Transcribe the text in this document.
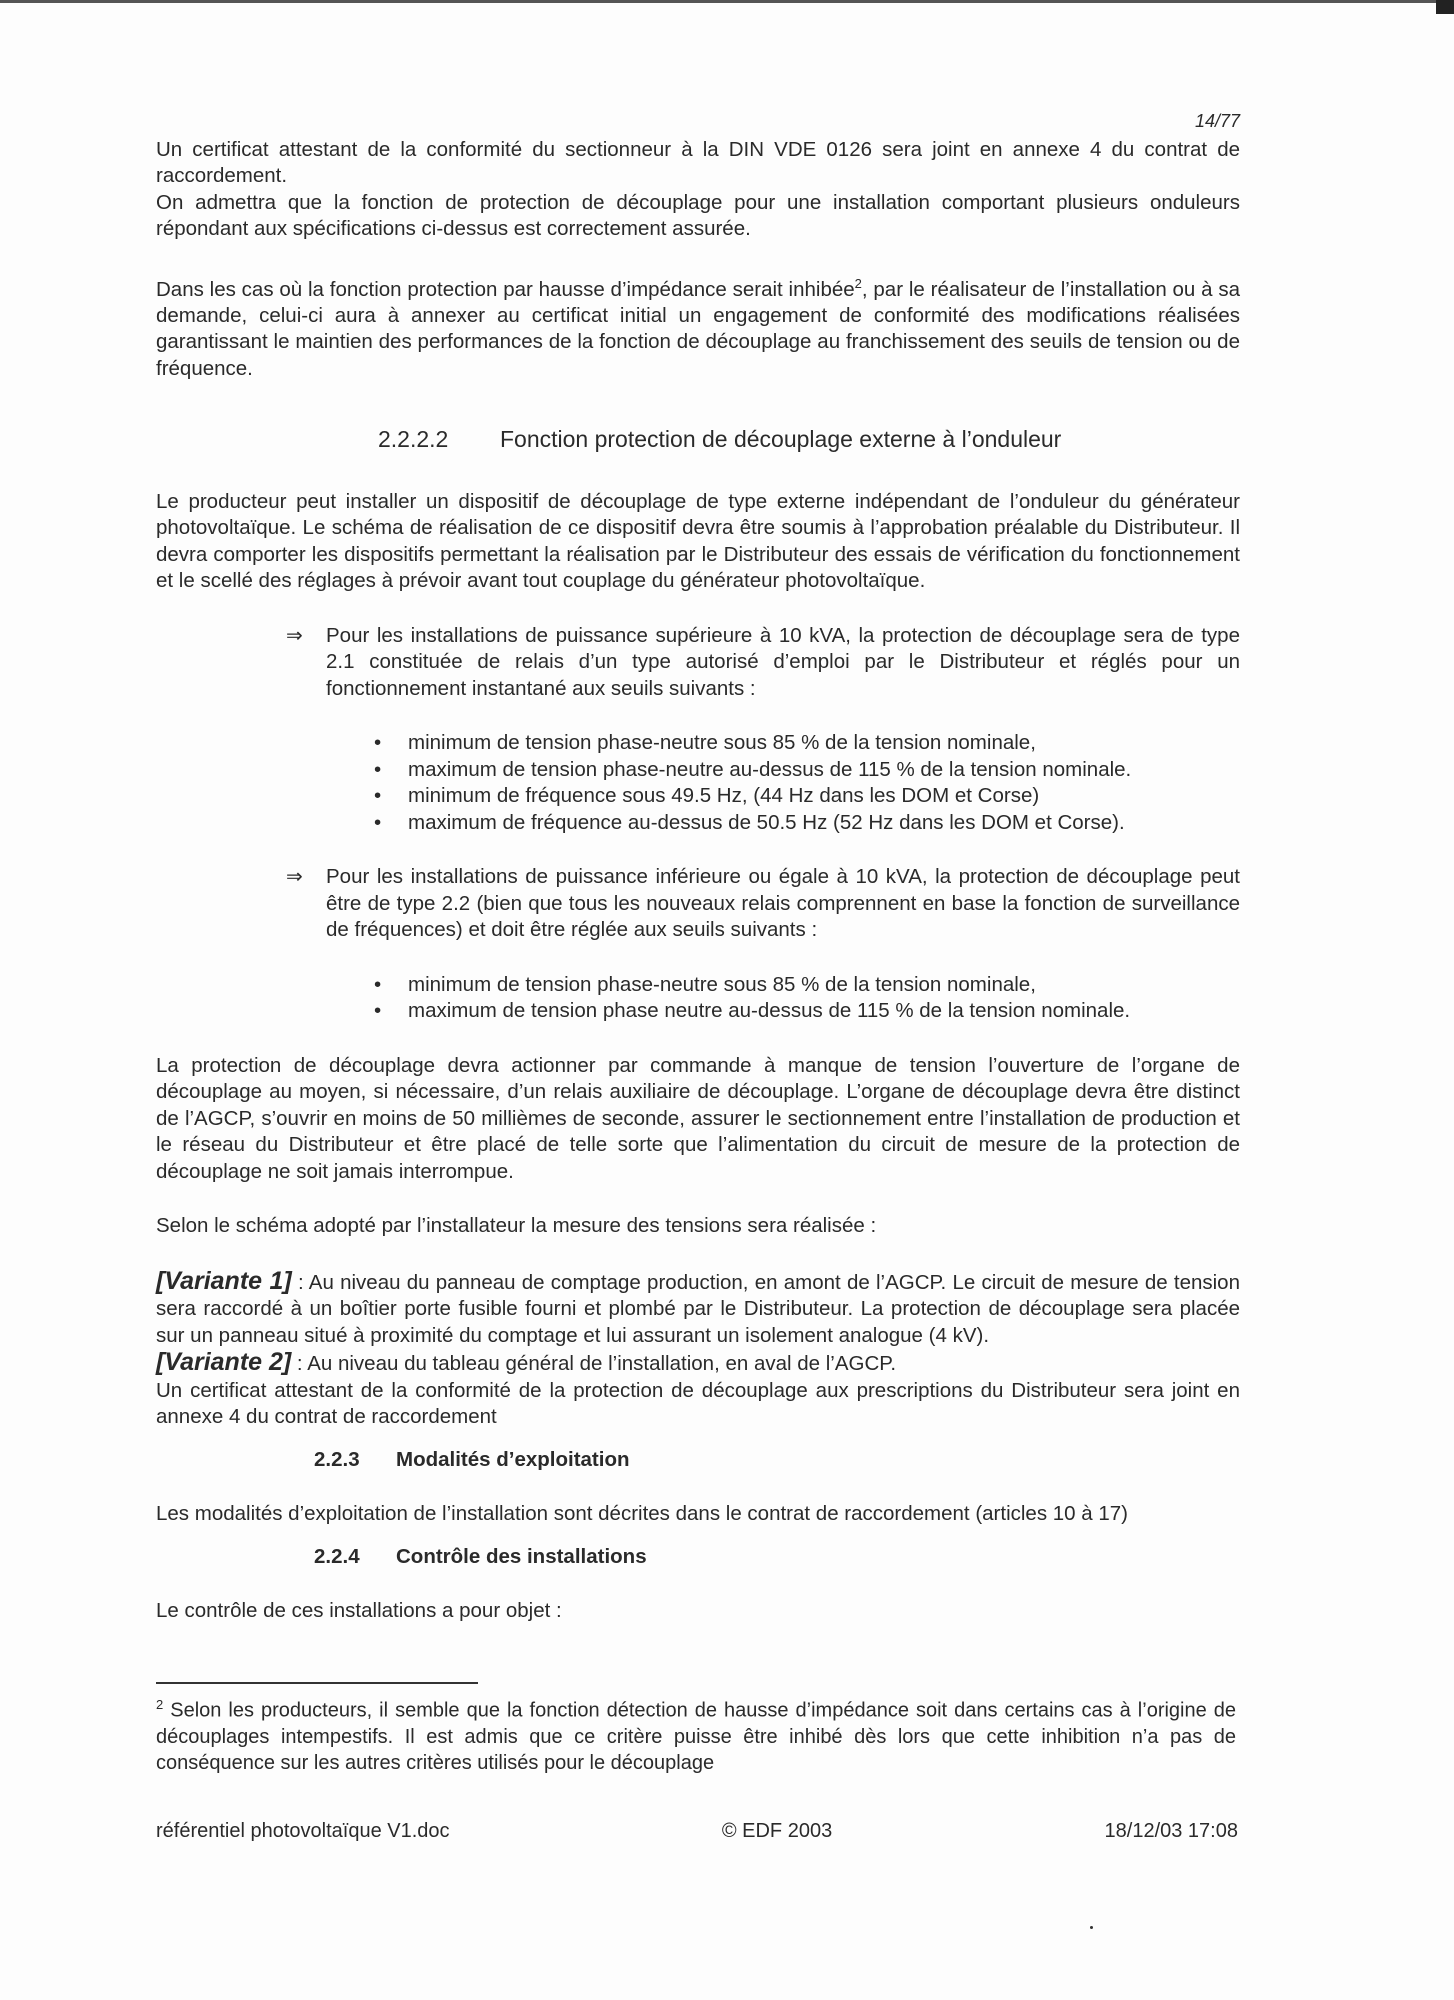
14/77

Un certificat attestant de la conformité du sectionneur à la DIN VDE 0126 sera joint en annexe 4 du contrat de raccordement.

On admettra que la fonction de protection de découplage pour une installation comportant plusieurs onduleurs répondant aux spécifications ci-dessus est correctement assurée.

Dans les cas où la fonction protection par hausse d’impédance serait inhibée$^2$, par le réalisateur de l’installation ou à sa demande, celui-ci aura à annexer au certificat initial un engagement de conformité des modifications réalisées garantissant le maintien des performances de la fonction de découplage au franchissement des seuils de tension ou de fréquence.

2.2.2.2 Fonction protection de découplage externe à l’onduleur

Le producteur peut installer un dispositif de découplage de type externe indépendant de l’onduleur du générateur photovoltaïque. Le schéma de réalisation de ce dispositif devra être soumis à l’approbation préalable du Distributeur. Il devra comporter les dispositifs permettant la réalisation par le Distributeur des essais de vérification du fonctionnement et le scellé des réglages à prévoir avant tout couplage du générateur photovoltaïque.

⇒	Pour les installations de puissance supérieure à 10 kVA, la protection de découplage sera de type 2.1 constituée de relais d’un type autorisé d’emploi par le Distributeur et réglés pour un fonctionnement instantané aux seuils suivants :

• minimum de tension phase-neutre sous 85 % de la tension nominale,
• maximum de tension phase-neutre au-dessus de 115 % de la tension nominale.
• minimum de fréquence sous 49.5 Hz, (44 Hz dans les DOM et Corse)
• maximum de fréquence au-dessus de 50.5 Hz (52 Hz dans les DOM et Corse).
⇒	Pour les installations de puissance inférieure ou égale à 10 kVA, la protection de découplage peut être de type 2.2 (bien que tous les nouveaux relais comprennent en base la fonction de surveillance de fréquences) et doit être réglée aux seuils suivants :

• minimum de tension phase-neutre sous 85 % de la tension nominale,
• maximum de tension phase neutre au-dessus de 115 % de la tension nominale.

La protection de découplage devra actionner par commande à manque de tension l’ouverture de l’organe de découplage au moyen, si nécessaire, d’un relais auxiliaire de découplage. L’organe de découplage devra être distinct de l’AGCP, s’ouvrir en moins de 50 millièmes de seconde, assurer le sectionnement entre l’installation de production et le réseau du Distributeur et être placé de telle sorte que l’alimentation du circuit de mesure de la protection de découplage ne soit jamais interrompue.

Selon le schéma adopté par l’installateur la mesure des tensions sera réalisée :

[Variante 1] : Au niveau du panneau de comptage production, en amont de l’AGCP. Le circuit de mesure de tension sera raccordé à un boîtier porte fusible fourni et plombé par le Distributeur. La protection de découplage sera placée sur un panneau situé à proximité du comptage et lui assurant un isolement analogue (4 kV).

[Variante 2] : Au niveau du tableau général de l’installation, en aval de l’AGCP.

Un certificat attestant de la conformité de la protection de découplage aux prescriptions du Distributeur sera joint en annexe 4 du contrat de raccordement

2.2.3 Modalités d’exploitation

Les modalités d’exploitation de l’installation sont décrites dans le contrat de raccordement (articles 10 à 17)

2.2.4 Contrôle des installations

Le contrôle de ces installations a pour objet :

$^2$ Selon les producteurs, il semble que la fonction détection de hausse d’impédance soit dans certains cas à l’origine de découplages intempestifs. Il est admis que ce critère puisse être inhibé dès lors que cette inhibition n’a pas de conséquence sur les autres critères utilisés pour le découplage

référentiel photovoltaïque V1.doc	© EDF 2003	18/12/03 17:08
